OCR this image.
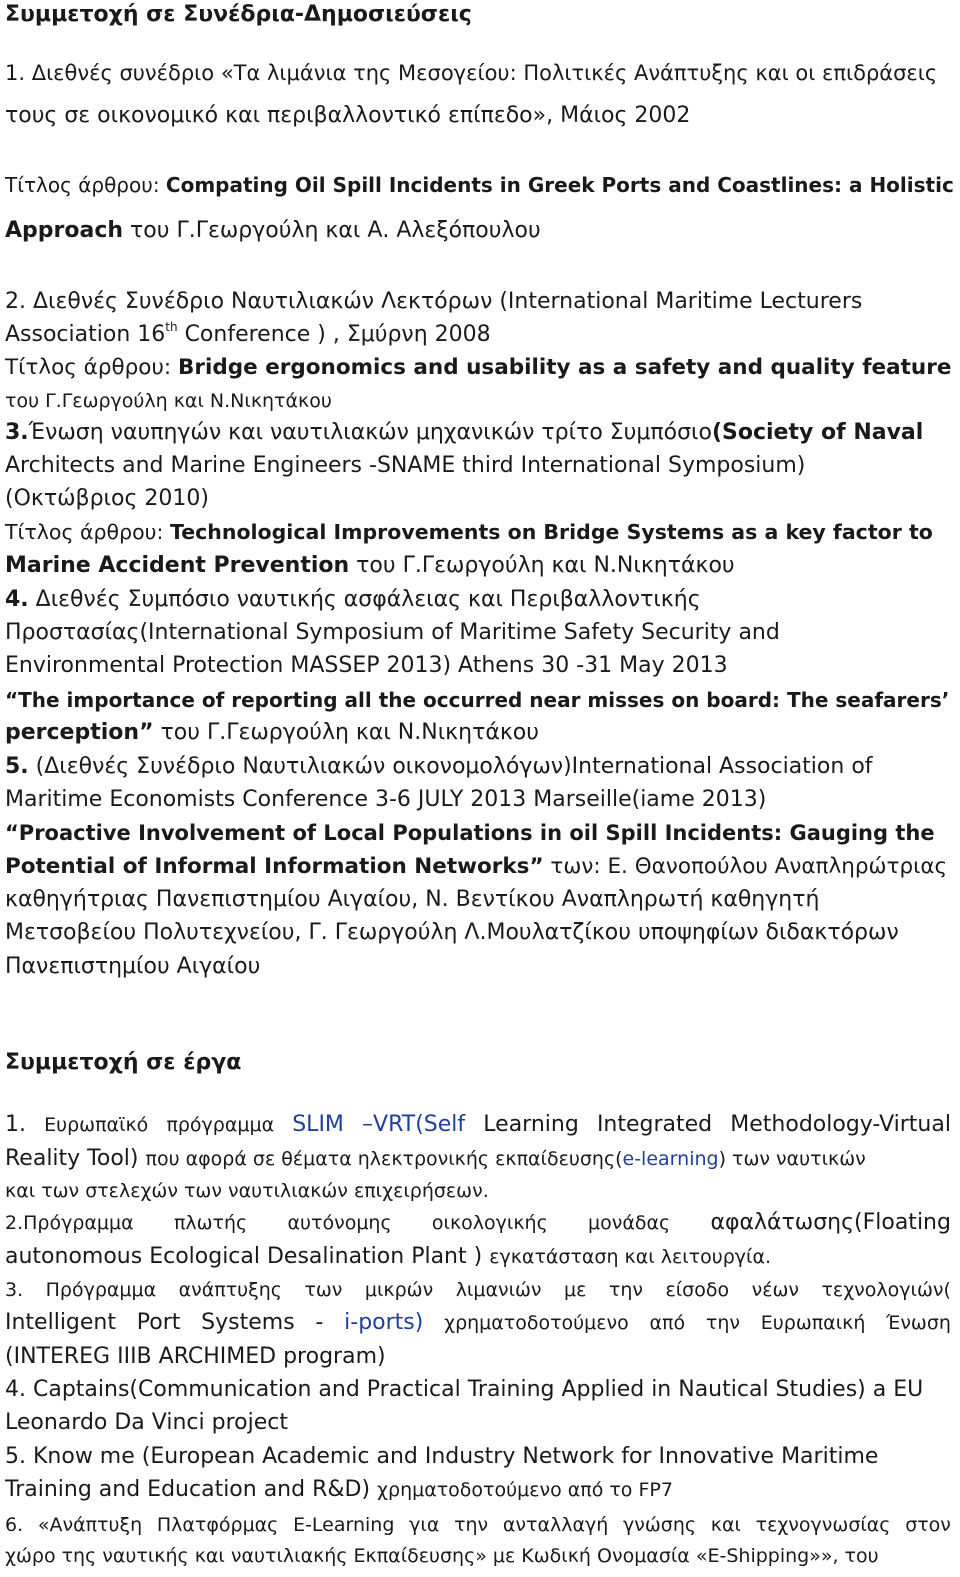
Συμμετοχή σε Συνέδρια-Δημοσιεύσεις
1. Διεθνές συνέδριο «Τα λιμάνια της Μεσογείου: Πολιτικές Ανάπτυξης και οι επιδράσεις
τους σε οικονομικό και περιβαλλοντικό επίπεδο», Μάιος 2002
Τίτλος άρθρου: Compating Oil Spill Incidents in Greek Ports and Coastlines: a Holistic
Approach του Γ.Γεωργούλη και Α. Αλεξόπουλου
2. Διεθνές Συνέδριο Ναυτιλιακών Λεκτόρων (International Maritime Lecturers
Association 16th Conference ) , Σμύρνη 2008
Τίτλος άρθρου: Bridge ergonomics and usability as a safety and quality feature
του Γ.Γεωργούλη και Ν.Νικητάκου
3.Ένωση ναυπηγών και ναυτιλιακών μηχανικών τρίτο Συμπόσιο(Society of Naval
Architects and Marine Engineers -SNAME third International Symposium)
(Οκτώβριος 2010)
Τίτλος άρθρου: Technological Improvements on Bridge Systems as a key factor to
Marine Accident Prevention του Γ.Γεωργούλη και Ν.Νικητάκου
4. Διεθνές Συμπόσιο ναυτικής ασφάλειας και Περιβαλλοντικής
Προστασίας(International Symposium of Maritime Safety Security and
Environmental Protection MASSEP 2013) Athens 30 -31 May 2013
“The importance of reporting all the occurred near misses on board: The seafarers’
perception” του Γ.Γεωργούλη και Ν.Νικητάκου
5. (Διεθνές Συνέδριο Ναυτιλιακών οικονομολόγων)International Association of
Maritime Economists Conference 3-6 JULY 2013 Marseille(iame 2013)
“Proactive Involvement of Local Populations in oil Spill Incidents: Gauging the
Potential of Informal Information Networks” των: Ε. Θανοπούλου Αναπληρώτριας
καθηγήτριας Πανεπιστημίου Αιγαίου, Ν. Βεντίκου Αναπληρωτή καθηγητή
Μετσοβείου Πολυτεχνείου, Γ. Γεωργούλη Λ.Μουλατζίκου υποψηφίων διδακτόρων
Πανεπιστημίου Αιγαίου
Συμμετοχή σε έργα
1. Ευρωπαϊκό πρόγραμμα SLIM –VRT(Self Learning Integrated Methodology-Virtual
Reality Tool) που αφορά σε θέματα ηλεκτρονικής εκπαίδευσης(e-learning) των ναυτικών
και των στελεχών των ναυτιλιακών επιχειρήσεων.
2.Πρόγραμμα πλωτής αυτόνομης οικολογικής μονάδας αφαλάτωσης(Floating
autonomous Ecological Desalination Plant ) εγκατάσταση και λειτουργία.
3. Πρόγραμμα ανάπτυξης των μικρών λιμανιών με την είσοδο νέων τεχνολογιών(
Intelligent Port Systems - i-ports) χρηματοδοτούμενο από την Ευρωπαική Ένωση
(INTEREG IIIB ARCHIMED program)
4. Captains(Communication and Practical Training Applied in Nautical Studies) a EU
Leonardo Da Vinci project
5. Know me (European Academic and Industry Network for Innovative Maritime
Training and Education and R&D) χρηματοδοτούμενο από το FP7
6. «Ανάπτυξη Πλατφόρμας E-Learning για την ανταλλαγή γνώσης και τεχνογνωσίας στον
χώρο της ναυτικής και ναυτιλιακής Εκπαίδευσης» με Κωδική Ονομασία «E-Shipping»», του
